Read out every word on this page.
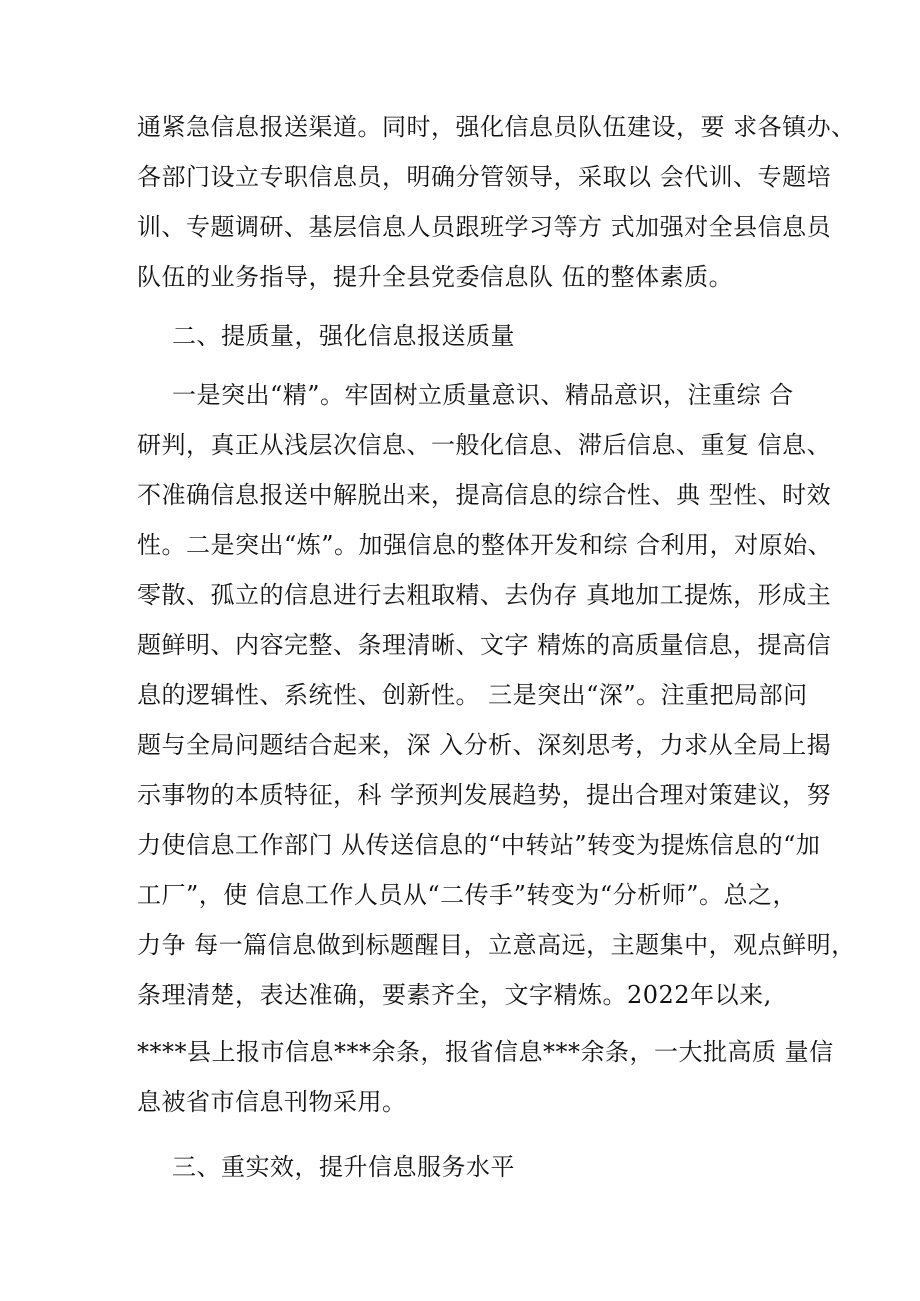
通紧急信息报送渠道。同时，强化信息员队伍建设，要 求各镇办、
各部门设立专职信息员，明确分管领导，采取以 会代训、专题培
训、专题调研、基层信息人员跟班学习等方 式加强对全县信息员
队伍的业务指导，提升全县党委信息队 伍的整体素质。
二、提质量，强化信息报送质量
一是突出“精”。牢固树立质量意识、精品意识，注重综 合
研判，真正从浅层次信息、一般化信息、滞后信息、重复 信息、
不准确信息报送中解脱出来，提高信息的综合性、典 型性、时效
性。二是突出“炼”。加强信息的整体开发和综 合利用，对原始、
零散、孤立的信息进行去粗取精、去伪存 真地加工提炼，形成主
题鲜明、内容完整、条理清晰、文字 精炼的高质量信息，提高信
息的逻辑性、系统性、创新性。 三是突出“深”。注重把局部问
题与全局问题结合起来，深 入分析、深刻思考，力求从全局上揭
示事物的本质特征，科 学预判发展趋势，提出合理对策建议，努
力使信息工作部门 从传送信息的“中转站”转变为提炼信息的“加
工厂”，使 信息工作人员从“二传手”转变为“分析师”。总之，
力争 每一篇信息做到标题醒目，立意高远，主题集中，观点鲜明，
条理清楚，表达准确，要素齐全，文字精炼。2022年以来,
****县上报市信息***余条，报省信息***余条，一大批高质 量信
息被省市信息刊物采用。
三、重实效，提升信息服务水平
